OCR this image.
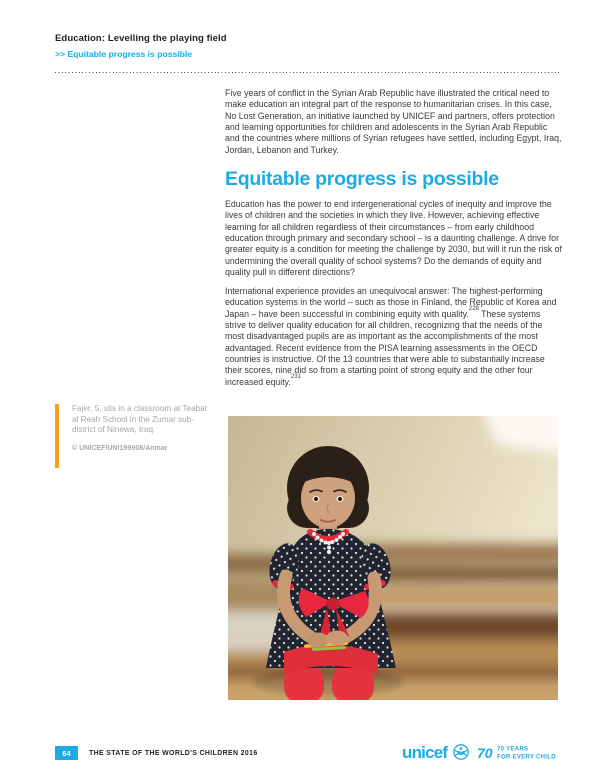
Education: Levelling the playing field
>> Equitable progress is possible

Five years of conflict in the Syrian Arab Republic have illustrated the critical need to make education an integral part of the response to humanitarian crises. In this case, No Lost Generation, an initiative launched by UNICEF and partners, offers protection and learning opportunities for children and adolescents in the Syrian Arab Republic and the countries where millions of Syrian refugees have settled, including Egypt, Iraq, Jordan, Lebanon and Turkey.

Equitable progress is possible

Education has the power to end intergenerational cycles of inequity and improve the lives of children and the societies in which they live. However, achieving effective learning for all children regardless of their circumstances – from early childhood education through primary and secondary school – is a daunting challenge. A drive for greater equity is a condition for meeting the challenge by 2030, but will it run the risk of undermining the overall quality of school systems? Do the demands of equity and quality pull in different directions?

International experience provides an unequivocal answer: The highest-performing education systems in the world – such as those in Finland, the Republic of Korea and Japan – have been successful in combining equity with quality.$^{229}$ These systems strive to deliver quality education for all children, recognizing that the needs of the most disadvantaged pupils are as important as the accomplishments of the most advantaged. Recent evidence from the PISA learning assessments in the OECD countries is instructive. Of the 13 countries that were able to substantially increase their scores, nine did so from a starting point of strong equity and the other four increased equity.$^{231}$

Fajer, 5, sits in a classroom at Teabat al Reah School in the Zumar sub-district of Ninewa, Iraq.
© UNICEF/UNI199908/Anmar
64	THE STATE OF THE WORLD'S CHILDREN 2016	unicef 70 70 YEARS
FOR EVERY CHILD
